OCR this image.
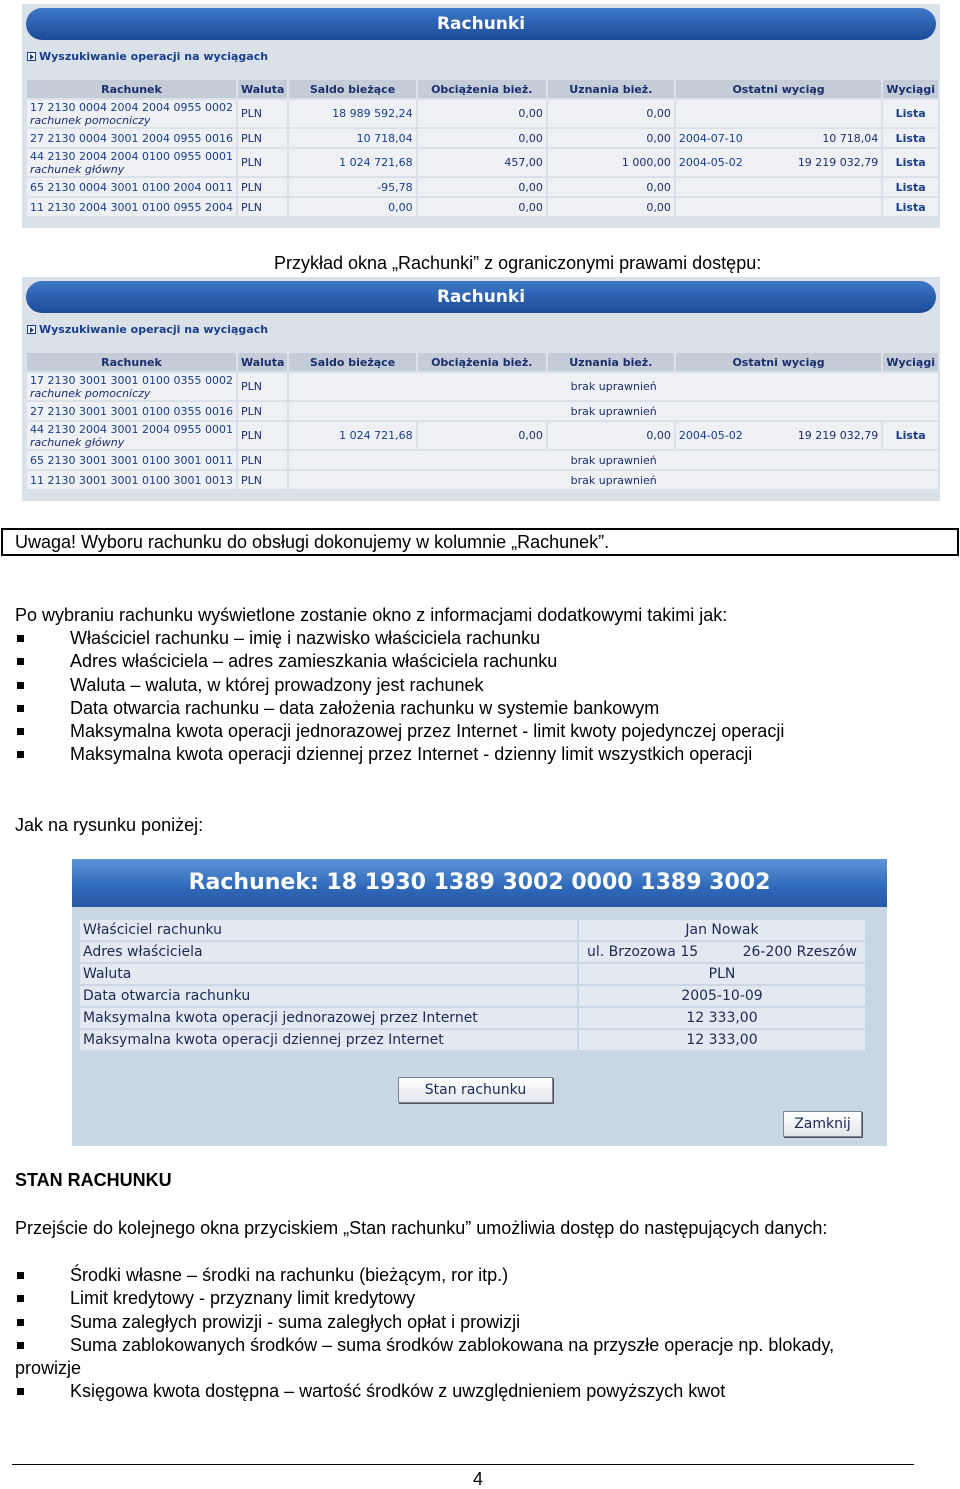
Rachunki
Wyszukiwanie operacji na wyciągach
Rachunek	Waluta	Saldo bieżące	Obciążenia bież.	Uznania bież.	Ostatni wyciąg	Wyciągi

17 2130 0004 2004 2004 0955 0002
rachunek pomocniczy	PLN	18 989 592,24	0,00	0,00		Lista

27 2130 0004 3001 2004 0955 0016	PLN	10 718,04	0,00	0,00	2004-07-10 10 718,04	Lista

44 2130 2004 2004 0100 0955 0001
rachunek główny	PLN	1 024 721,68	457,00	1 000,00	2004-05-02 19 219 032,79	Lista

65 2130 0004 3001 0100 2004 0011	PLN	-95,78	0,00	0,00		Lista

11 2130 2004 3001 0100 0955 2004	PLN	0,00	0,00	0,00		Lista
Przykład okna „Rachunki” z ograniczonymi prawami dostępu:
Rachunki
Wyszukiwanie operacji na wyciągach
Rachunek	Waluta	Saldo bieżące	Obciążenia bież.	Uznania bież.	Ostatni wyciąg	Wyciągi

17 2130 3001 3001 0100 0355 0002
rachunek pomocniczy	PLN	brak uprawnień				

27 2130 3001 3001 0100 0355 0016	PLN	brak uprawnień				

44 2130 2004 3001 2004 0955 0001
rachunek główny	PLN	1 024 721,68	0,00	0,00	2004-05-02 19 219 032,79	Lista

65 2130 3001 3001 0100 3001 0011	PLN	brak uprawnień				

11 2130 3001 3001 0100 3001 0013	PLN	brak uprawnień				
Uwaga! Wyboru rachunku do obsługi dokonujemy w kolumnie „Rachunek”.
Po wybraniu rachunku wyświetlone zostanie okno z informacjami dodatkowymi takimi jak:
Właściciel rachunku – imię i nazwisko właściciela rachunku
Adres właściciela – adres zamieszkania właściciela rachunku
Waluta – waluta, w której prowadzony jest rachunek
Data otwarcia rachunku – data założenia rachunku w systemie bankowym
Maksymalna kwota operacji jednorazowej przez Internet - limit kwoty pojedynczej operacji
Maksymalna kwota operacji dziennej przez Internet - dzienny limit wszystkich operacji
Jak na rysunku poniżej:
Rachunek: 18 1930 1389 3002 0000 1389 3002
Właściciel rachunku	Jan Nowak
Adres właściciela	ul. Brzozowa 15	26-200 Rzeszów
Waluta	PLN
Data otwarcia rachunku	2005-10-09
Maksymalna kwota operacji jednorazowej przez Internet	12 333,00
Maksymalna kwota operacji dziennej przez Internet	12 333,00
Stan rachunku
Zamknij
STAN RACHUNKU
Przejście do kolejnego okna przyciskiem „Stan rachunku” umożliwia dostęp do następujących danych:
Środki własne – środki na rachunku (bieżącym, ror itp.)
Limit kredytowy - przyznany limit kredytowy
Suma zaległych prowizji - suma zaległych opłat i prowizji
Suma zablokowanych środków – suma środków zablokowana na przyszłe operacje np. blokady,
prowizje
Księgowa kwota dostępna – wartość środków z uwzględnieniem powyższych kwot
4
